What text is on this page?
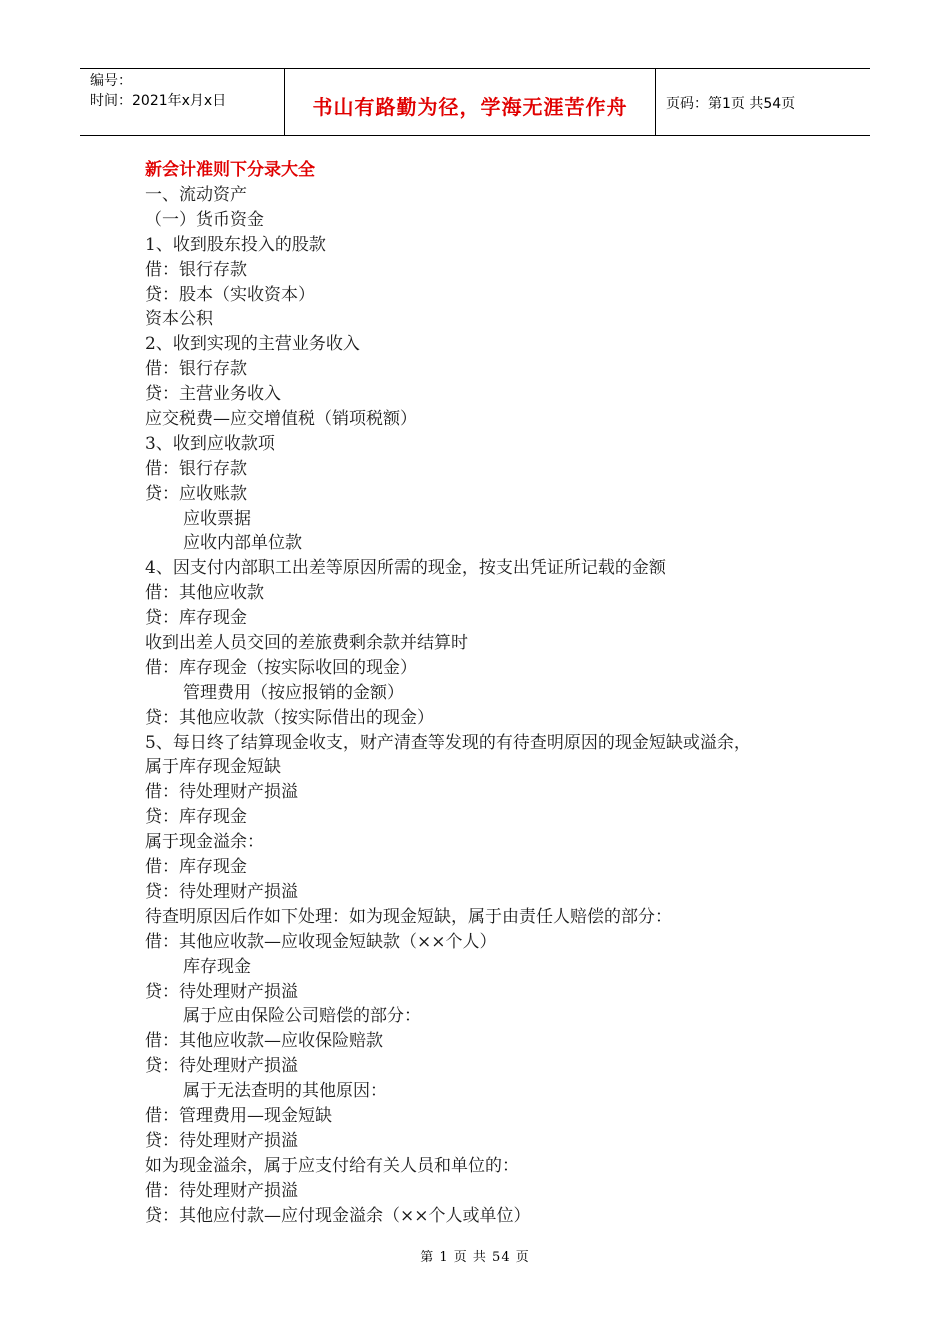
编号：
时间：2021年x月x日	书山有路勤为径，学海无涯苦作舟	页码：第1页 共54页
新会计准则下分录大全
一、流动资产
（一）货币资金
1、收到股东投入的股款
借：银行存款
贷：股本（实收资本）
资本公积
2、收到实现的主营业务收入
借：银行存款
贷：主营业务收入
应交税费—应交增值税（销项税额）
3、收到应收款项
借：银行存款
贷：应收账款
应收票据
应收内部单位款
4、因支付内部职工出差等原因所需的现金，按支出凭证所记载的金额
借：其他应收款
贷：库存现金
收到出差人员交回的差旅费剩余款并结算时
借：库存现金（按实际收回的现金）
管理费用（按应报销的金额）
贷：其他应收款（按实际借出的现金）
5、每日终了结算现金收支，财产清查等发现的有待查明原因的现金短缺或溢余，
属于库存现金短缺
借：待处理财产损溢
贷：库存现金
属于现金溢余：
借：库存现金
贷：待处理财产损溢
待查明原因后作如下处理：如为现金短缺，属于由责任人赔偿的部分：
借：其他应收款—应收现金短缺款（××个人）
库存现金
贷：待处理财产损溢
属于应由保险公司赔偿的部分：
借：其他应收款—应收保险赔款
贷：待处理财产损溢
属于无法查明的其他原因：
借：管理费用—现金短缺
贷：待处理财产损溢
如为现金溢余，属于应支付给有关人员和单位的：
借：待处理财产损溢
贷：其他应付款—应付现金溢余（××个人或单位）
第 1 页 共 54 页
